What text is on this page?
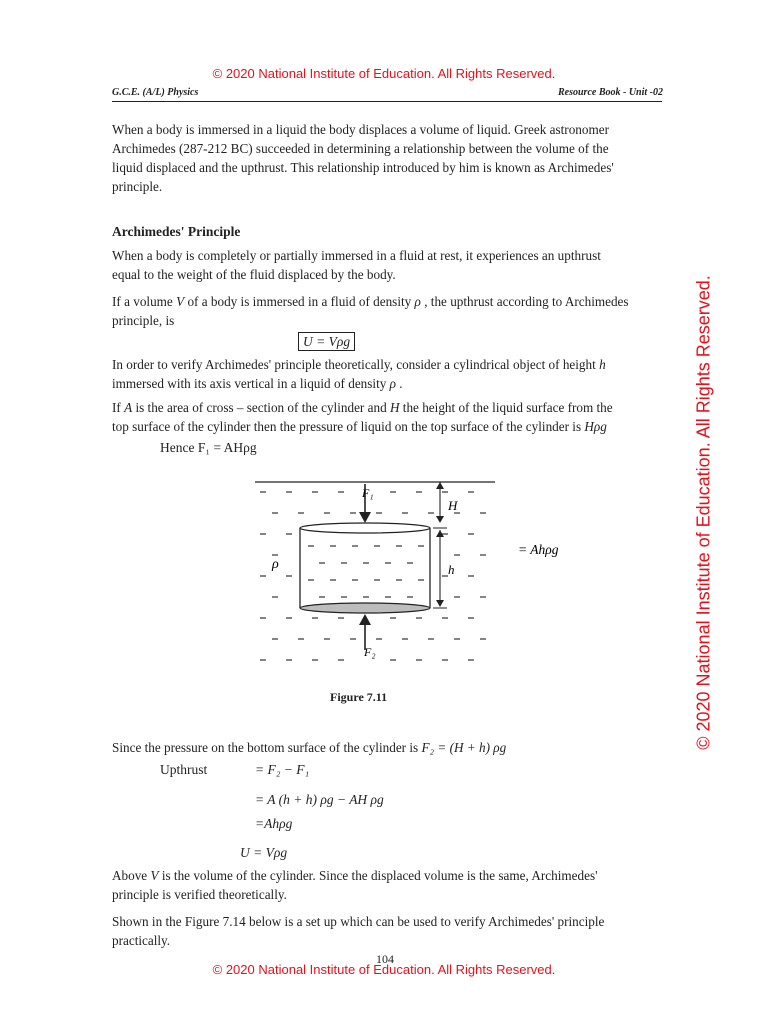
© 2020 National Institute of Education. All Rights Reserved.
© 2020 National Institute of Education. All Rights Reserved.
G.C.E. (A/L) Physics	Resource Book - Unit -02
When a body is immersed in a liquid the body displaces a volume of liquid. Greek astronomer
Archimedes (287-212 BC) succeeded in determining a relationship between the volume of the
liquid displaced and the upthrust. This relationship introduced by him is known as Archimedes'
principle.
Archimedes' Principle
When a body is completely or partially immersed in a fluid at rest, it experiences an upthrust
equal to the weight of the fluid displaced by the body.
If a volume V of a body is immersed in a fluid of density ρ , the upthrust according to Archimedes
principle, is
U = Vρg
In order to verify Archimedes' principle theoretically, consider a cylindrical object of height h
immersed with its axis vertical in a liquid of density ρ .
If A is the area of cross – section of the cylinder and H the height of the liquid surface from the
top surface of the cylinder then the pressure of liquid on the top surface of the cylinder is Hρg
Hence F₁ = AHρg
F₁
F₂
H
h
ρ
= Ahρg
Figure 7.11
Since the pressure on the bottom surface of the cylinder is F₂ = (H + h) ρg
Upthrust	= F₂ − F₁
= A (h + h) ρg − AH ρg
=Ahρg
U = Vρg
Above V is the volume of the cylinder. Since the displaced volume is the same, Archimedes'
principle is verified theoretically.
Shown in the Figure 7.14 below is a set up which can be used to verify Archimedes' principle
practically.
104
© 2020 National Institute of Education. All Rights Reserved.
